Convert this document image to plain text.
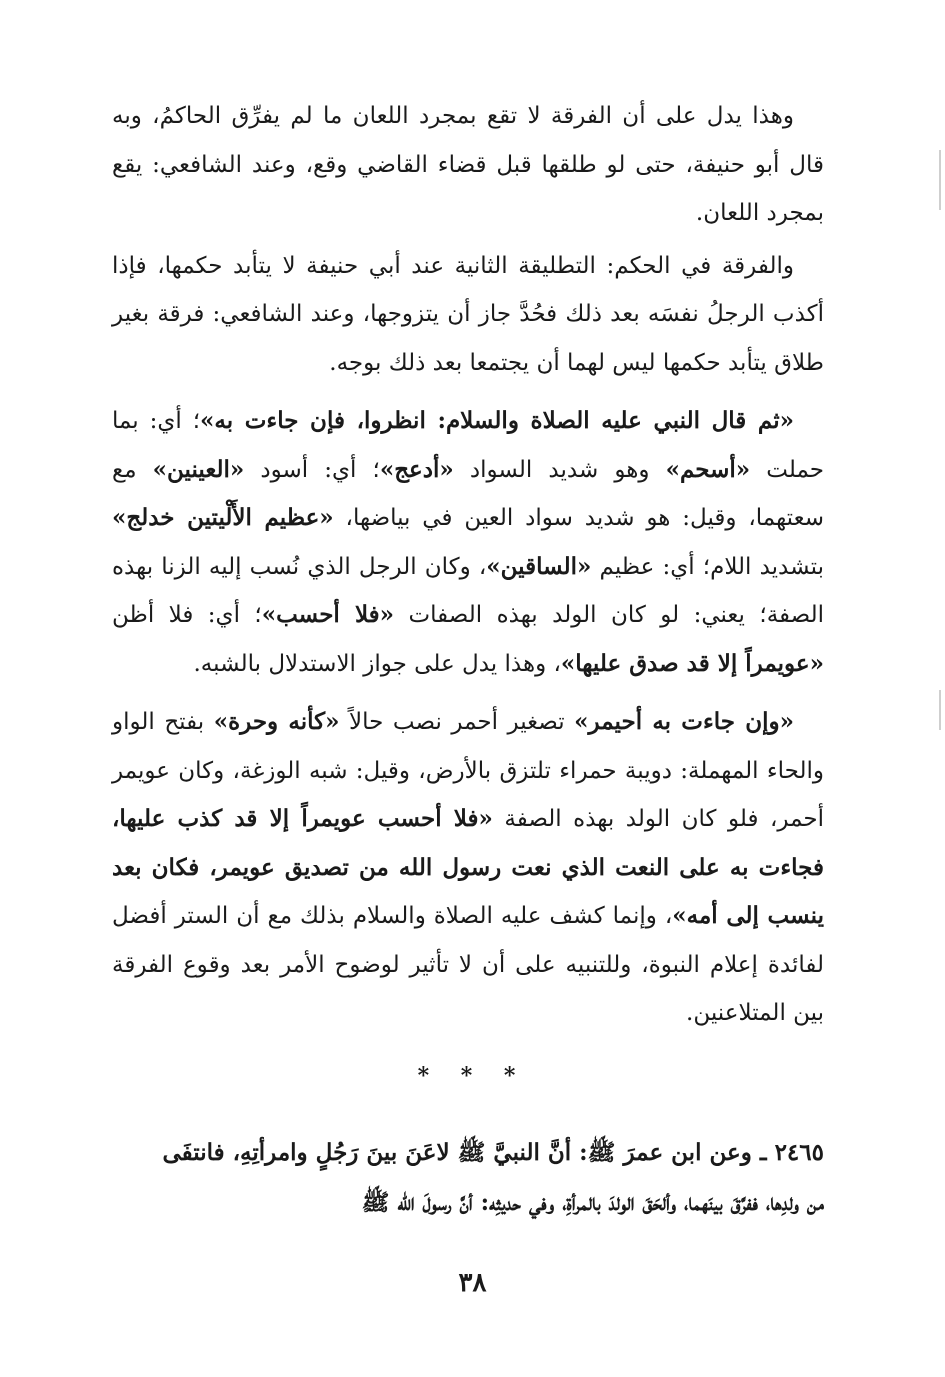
وهذا يدل على أن الفرقة لا تقع بمجرد اللعان ما لم يفرِّق الحاكمُ، وبه قال أبو حنيفة، حتى لو طلقها قبل قضاء القاضي وقع، وعند الشافعي: يقع بمجرد اللعان.

والفرقة في الحكم: التطليقة الثانية عند أبي حنيفة لا يتأبد حكمها، فإذا أكذب الرجلُ نفسَه بعد ذلك فحُدَّ جاز أن يتزوجها، وعند الشافعي: فرقة بغير طلاق يتأبد حكمها ليس لهما أن يجتمعا بعد ذلك بوجه.

«ثم قال النبي عليه الصلاة والسلام: انظروا، فإن جاءت به»؛ أي: بما حملت «أسحم» وهو شديد السواد «أدعج»؛ أي: أسود «العينين» مع سعتهما، وقيل: هو شديد سواد العين في بياضها، «عظيم الأَلْيتين خدلج» بتشديد اللام؛ أي: عظيم «الساقين»، وكان الرجل الذي نُسب إليه الزنا بهذه الصفة؛ يعني: لو كان الولد بهذه الصفات «فلا أحسب»؛ أي: فلا أظن «عويمراً إلا قد صدق عليها»، وهذا يدل على جواز الاستدلال بالشبه.

«وإن جاءت به أحيمر» تصغير أحمر نصب حالاً «كأنه وحرة» بفتح الواو والحاء المهملة: دويبة حمراء تلتزق بالأرض، وقيل: شبه الوزغة، وكان عويمر أحمر، فلو كان الولد بهذه الصفة «فلا أحسب عويمراً إلا قد كذب عليها، فجاءت به على النعت الذي نعت رسول الله من تصديق عويمر، فكان بعد ينسب إلى أمه»، وإنما كشف عليه الصلاة والسلام بذلك مع أن الستر أفضل لفائدة إعلام النبوة، وللتنبيه على أن لا تأثير لوضوح الأمر بعد وقوع الفرقة بين المتلاعنين.

* * *

٢٤٦٥ ـ وعن ابن عمرَ ﷺ: أنَّ النبيَّ ﷺ لاعَنَ بينَ رَجُلٍ وامرأتِهِ، فانتفَى

من ولدِها، ففرَّقَ بينَهما، وألحَقَ الولدَ بالمرأةِ، وفي حديثِه: أنَّ رسولَ الله ﷺ

٣٨
